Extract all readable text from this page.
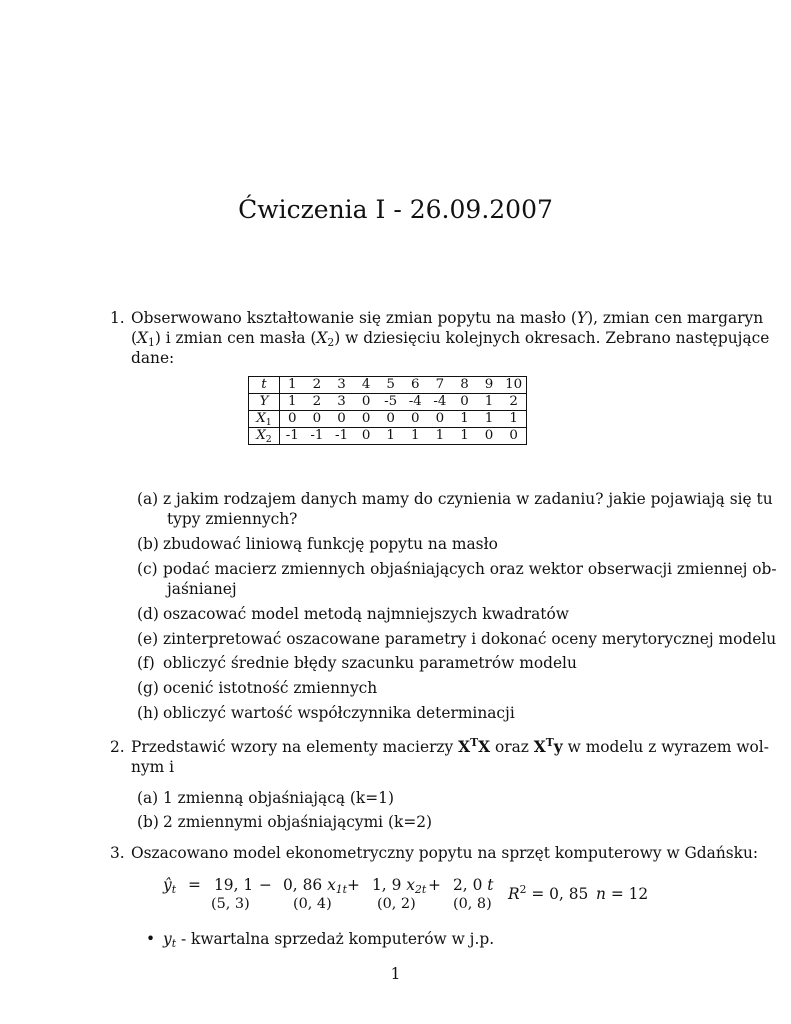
Ćwiczenia I - 26.09.2007
1. Obserwowano kształtowanie się zmian popytu na masło (Y), zmian cen margaryn
$(X_1)$ i zmian cen masła $(X_2)$ w dziesięciu kolejnych okresach. Zebrano następujące
dane:
t	1	2	3	4	5	6	7	8	9	10
Y	1	2	3	0	-5	-4	-4	0	1	2
$X_1$	0	0	0	0	0	0	0	1	1	1
$X_2$	-1	-1	-1	0	1	1	1	1	0	0
(a) z jakim rodzajem danych mamy do czynienia w zadaniu? jakie pojawiają się tu
typy zmiennych?
(b) zbudować liniową funkcję popytu na masło
(c) podać macierz zmiennych objaśniających oraz wektor obserwacji zmiennej ob-
jaśnianej
(d) oszacować model metodą najmniejszych kwadratów
(e) zinterpretować oszacowane parametry i dokonać oceny merytorycznej modelu
(f) obliczyć średnie błędy szacunku parametrów modelu
(g) ocenić istotność zmiennych
(h) obliczyć wartość współczynnika determinacji
2. Przedstawić wzory na elementy macierzy $X^TX$ oraz $X^Ty$ w modelu z wyrazem wol-
nym i
(a) 1 zmienną objaśniającą (k=1)
(b) 2 zmiennymi objaśniającymi (k=2)
3. Oszacowano model ekonometryczny popytu na sprzęt komputerowy w Gdańsku:
$ŷ_t = 19$, 1 − 0, 86 $x_{1t} + 1$, 9 $x_{2t} + 2$, 0 t
(5, 3)	(0, 4)	(0, 2)	(0, 8)
$R^2 = 0$, 85 n = 12
• $y_t$ - kwartalna sprzedaż komputerów w j.p.
1
